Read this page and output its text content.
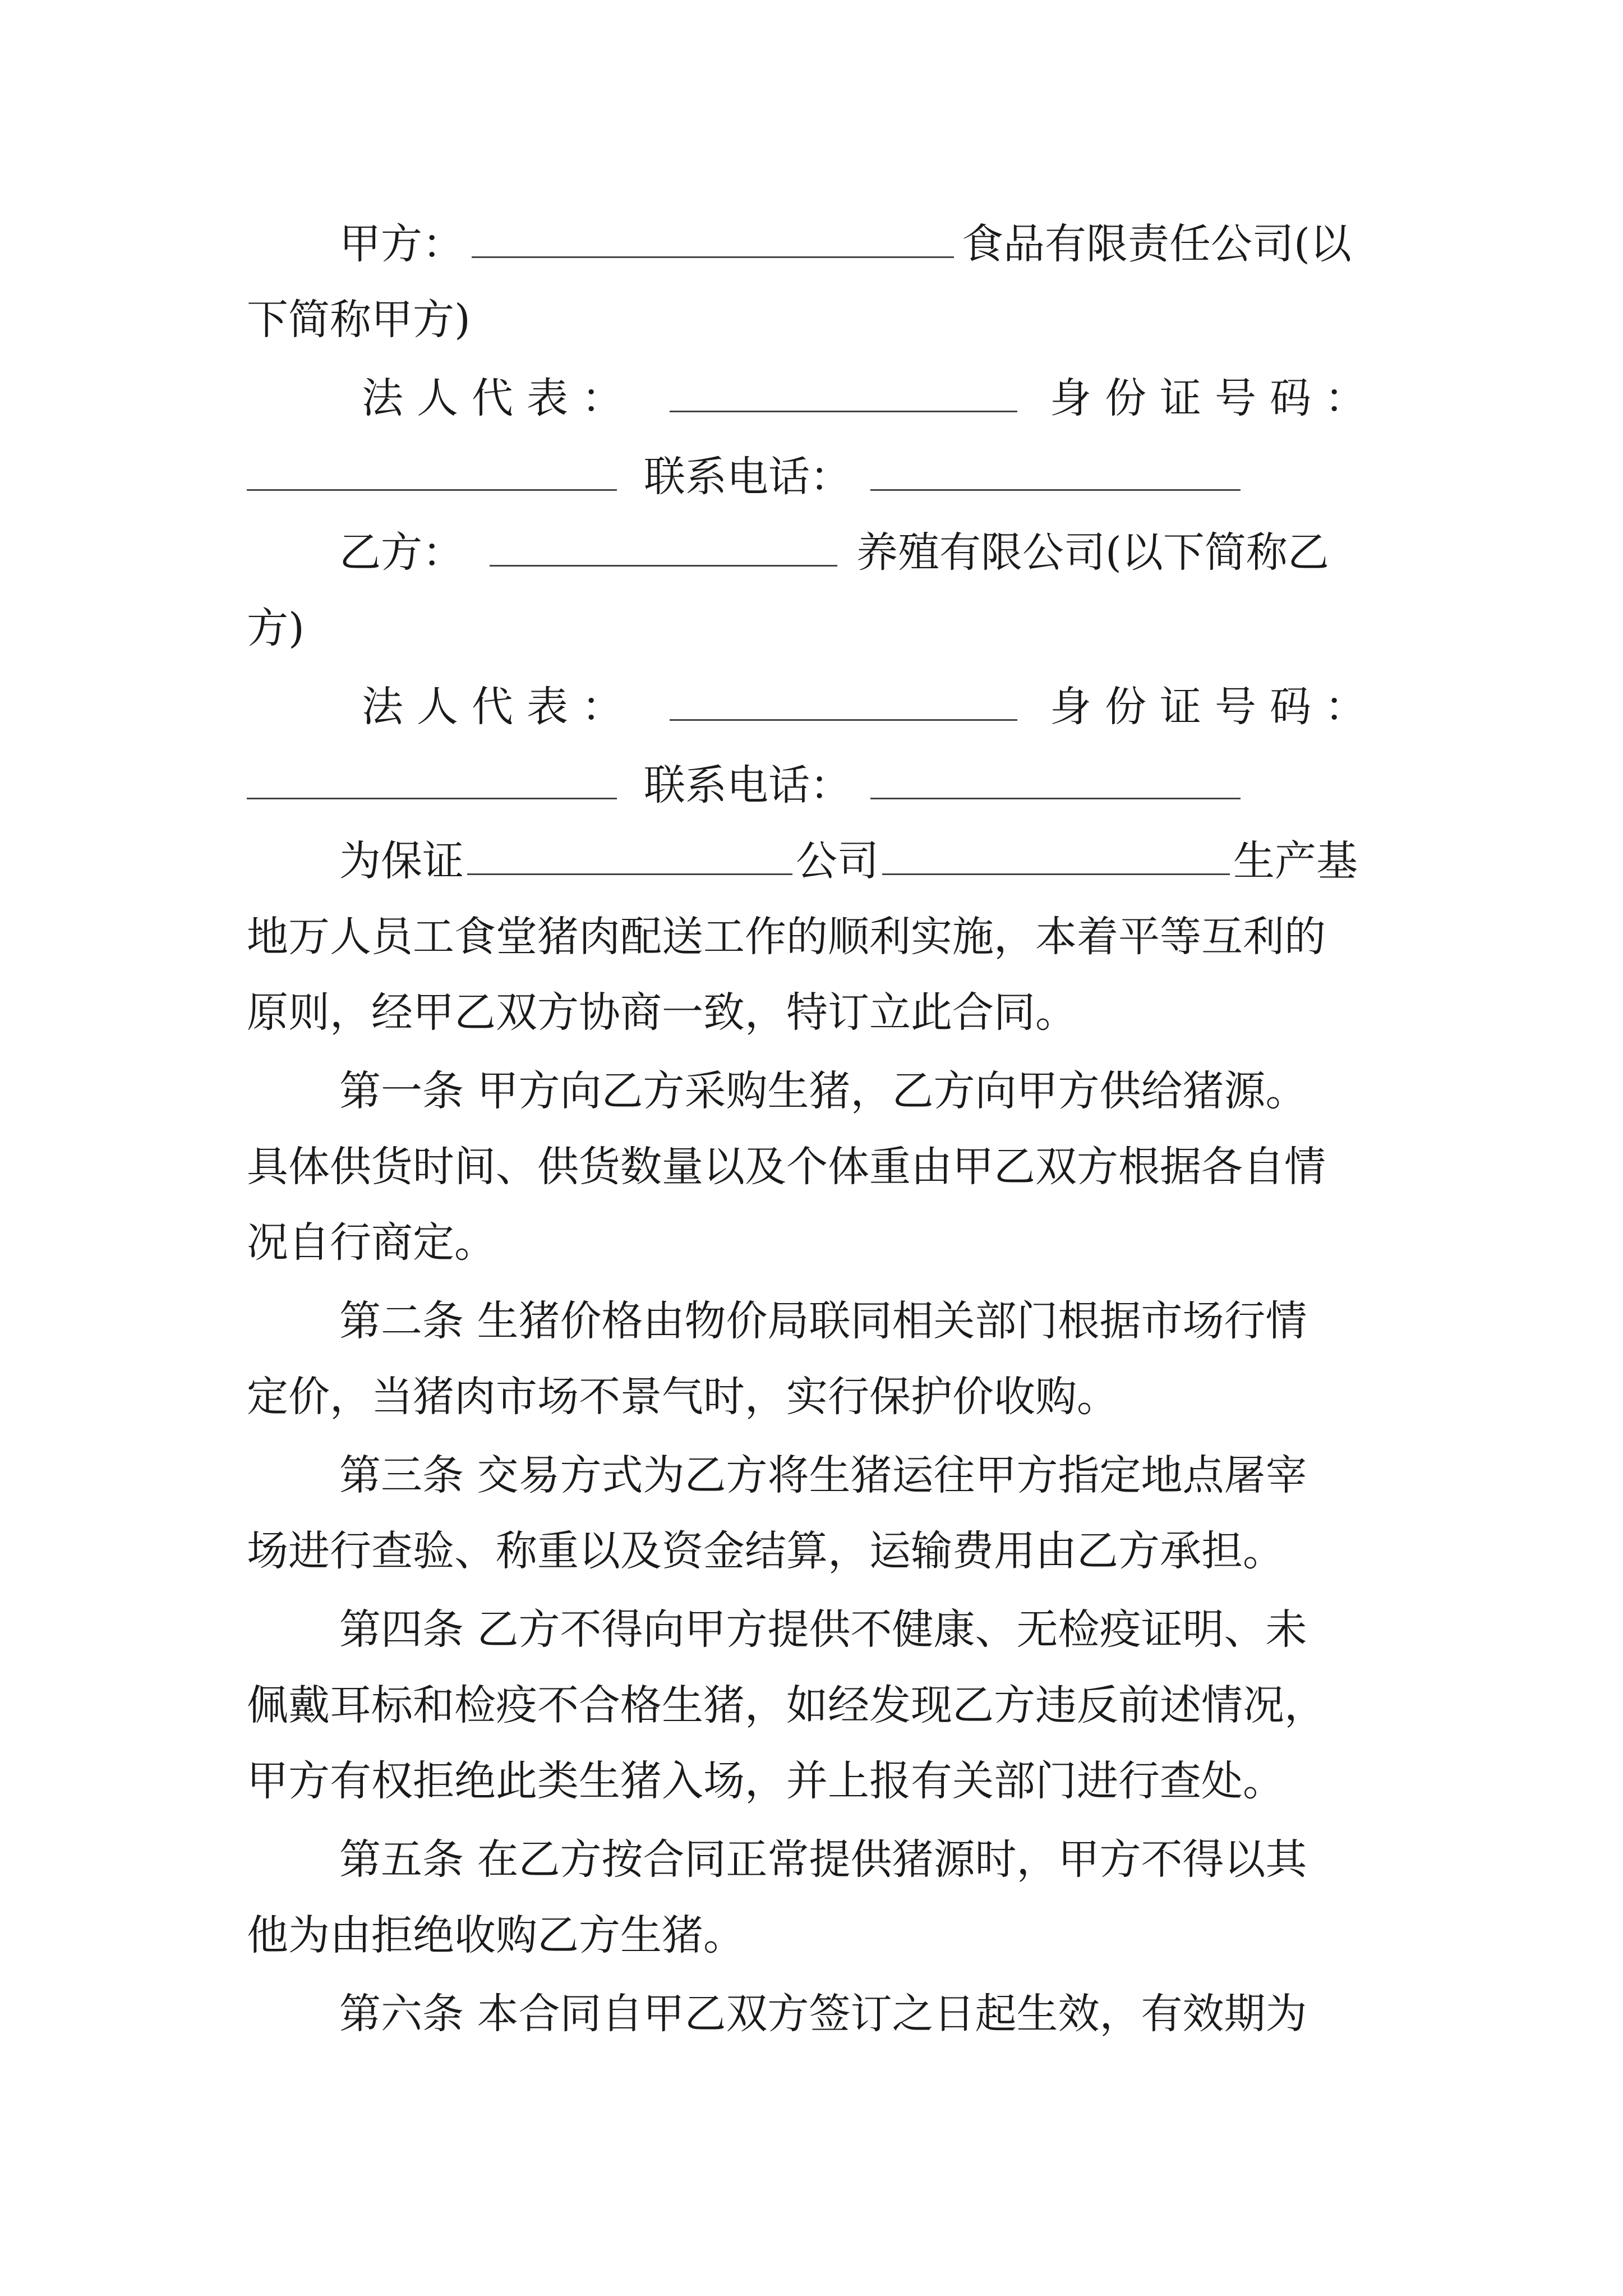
甲方：	食品有限责任公司(以
下简称甲方)
法人代表：	身份证号码：
联系电话：
乙方：	养殖有限公司(以下简称乙
方)
法人代表：	身份证号码：
联系电话：
为保证	公司	生产基
地万人员工食堂猪肉配送工作的顺利实施，本着平等互利的
原则，经甲乙双方协商一致，特订立此合同。
第一条 甲方向乙方采购生猪，乙方向甲方供给猪源。
具体供货时间、供货数量以及个体重由甲乙双方根据各自情
况自行商定。
第二条 生猪价格由物价局联同相关部门根据市场行情
定价，当猪肉市场不景气时，实行保护价收购。
第三条 交易方式为乙方将生猪运往甲方指定地点屠宰
场进行查验、称重以及资金结算，运输费用由乙方承担。
第四条 乙方不得向甲方提供不健康、无检疫证明、未
佩戴耳标和检疫不合格生猪，如经发现乙方违反前述情况，
甲方有权拒绝此类生猪入场，并上报有关部门进行查处。
第五条 在乙方按合同正常提供猪源时，甲方不得以其
他为由拒绝收购乙方生猪。
第六条 本合同自甲乙双方签订之日起生效，有效期为
